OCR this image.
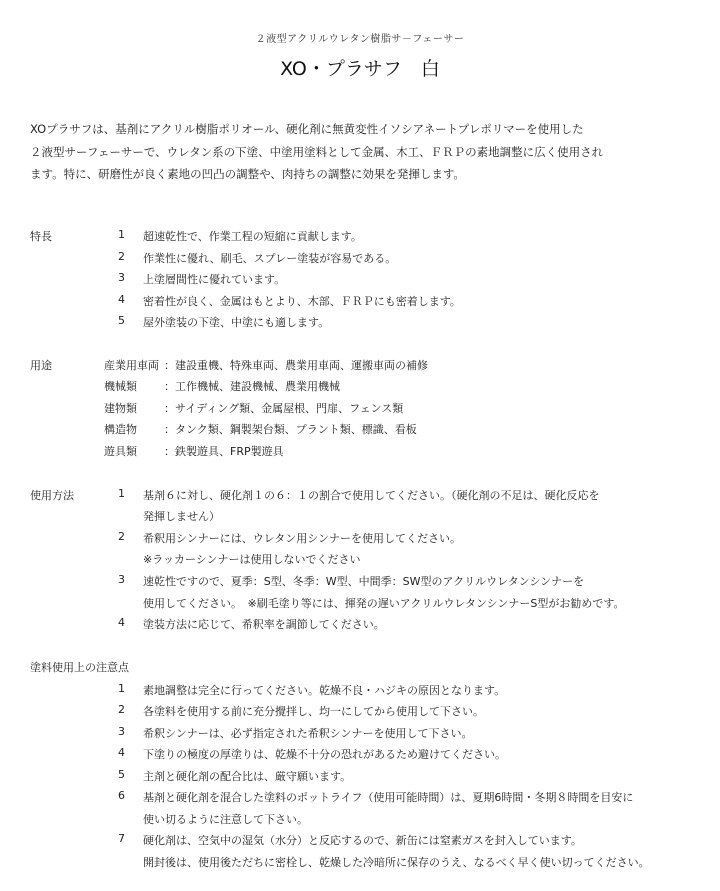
２液型アクリルウレタン樹脂サ－フェーサー
XO・プラサフ　白
XOプラサフは、基剤にアクリル樹脂ポリオール、硬化剤に無黄変性イソシアネートプレポリマーを使用した
２液型サーフェーサーで、ウレタン系の下塗、中塗用塗料として金属、木工、ＦＲＰの素地調整に広く使用され
ます。特に、研磨性が良く素地の凹凸の調整や、肉持ちの調整に効果を発揮します。
特長	1	超速乾性で、作業工程の短縮に貢献します。
2	作業性に優れ、刷毛、スプレー塗装が容易である。
3	上塗層間性に優れています。
4	密着性が良く、金属はもとより、木部、ＦＲＰにも密着します。
5	屋外塗装の下塗、中塗にも適します。
用途	産業用車両 ：建設重機、特殊車両、農業用車両、運搬車両の補修
機械類 ：工作機械、建設機械、農業用機械
建物類 ：サイディング類、金属屋根、門扉、フェンス類
構造物 ：タンク類、鋼製架台類、プラント類、標識、看板
遊具類 ：鉄製遊具、FRP製遊具
使用方法	1	基剤６に対し、硬化剤１の６：１の割合で使用してください。（硬化剤の不足は、硬化反応を
発揮しません）
2	希釈用シンナーには、ウレタン用シンナーを使用してください。
※ラッカーシンナーは使用しないでください
3	速乾性ですので、夏季：S型、冬季：W型、中間季：SW型のアクリルウレタンシンナーを
使用してください。　※刷毛塗り等には、揮発の遅いアクリルウレタンシンナーS型がお勧めです。
4	塗装方法に応じて、希釈率を調節してください。
塗料使用上の注意点
1	素地調整は完全に行ってください。乾燥不良・ハジキの原因となります。
2	各塗料を使用する前に充分攪拌し、均一にしてから使用して下さい。
3	希釈シンナーは、必ず指定された希釈シンナーを使用して下さい。
4	下塗りの極度の厚塗りは、乾燥不十分の恐れがあるため避けてください。
5	主剤と硬化剤の配合比は、厳守願います。
6	基剤と硬化剤を混合した塗料のポットライフ（使用可能時間）は、夏期6時間・冬期８時間を目安に
使い切るように注意して下さい。
7	硬化剤は、空気中の湿気（水分）と反応するので、新缶には窒素ガスを封入しています。
開封後は、使用後ただちに密栓し、乾燥した冷暗所に保存のうえ、なるべく早く使い切ってください。
